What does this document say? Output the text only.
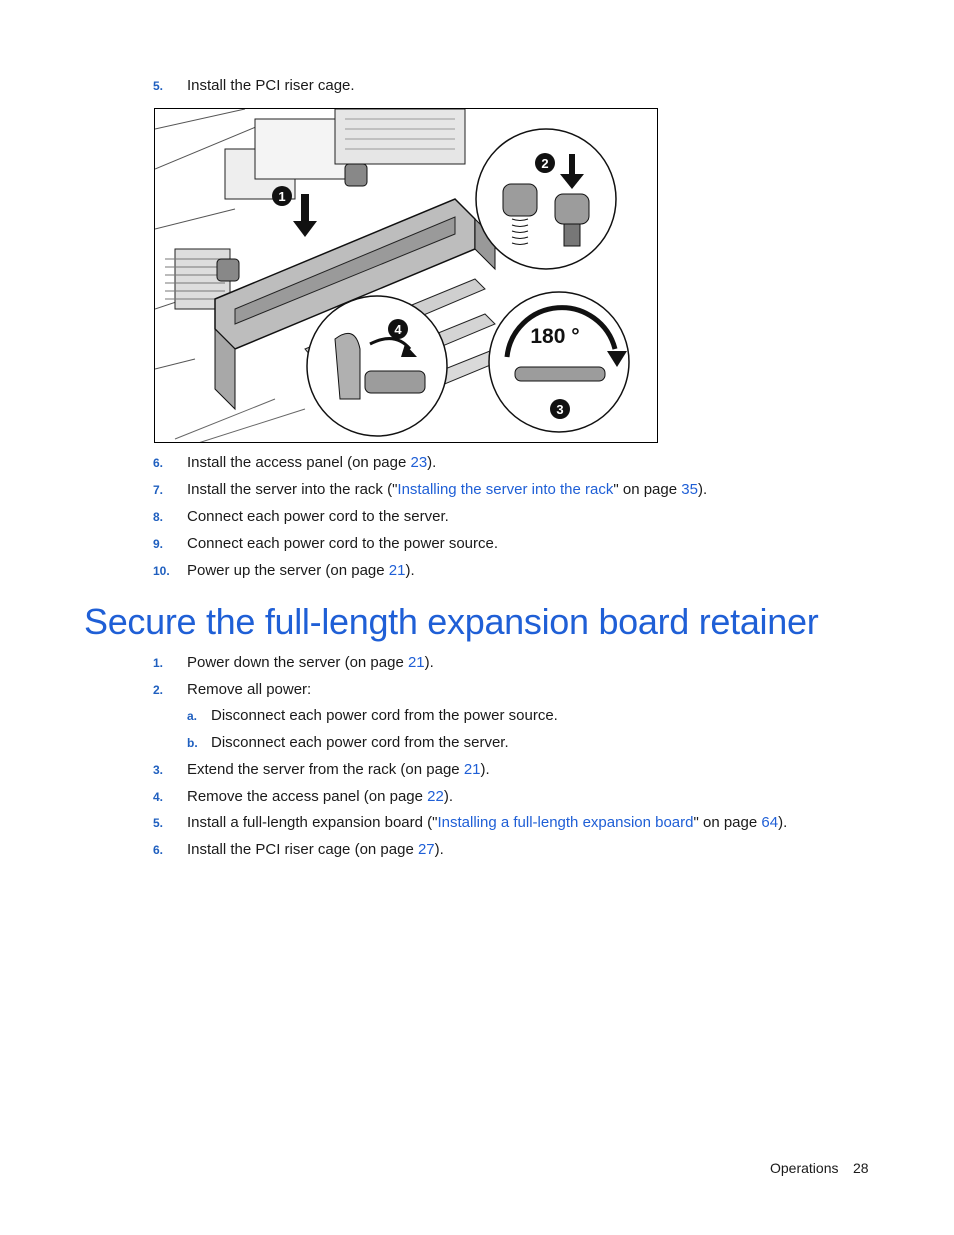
5. Install the PCI riser cage.
1
2
180 °
3
4
6. Install the access panel (on page 23).
7. Install the server into the rack ("Installing the server into the rack" on page 35).
8. Connect each power cord to the server.
9. Connect each power cord to the power source.
10. Power up the server (on page 21).
Secure the full-length expansion board retainer
1. Power down the server (on page 21).
2. Remove all power:
a. Disconnect each power cord from the power source.
b. Disconnect each power cord from the server.
3. Extend the server from the rack (on page 21).
4. Remove the access panel (on page 22).
5. Install a full-length expansion board ("Installing a full-length expansion board" on page 64).
6. Install the PCI riser cage (on page 27).
Operations 28
